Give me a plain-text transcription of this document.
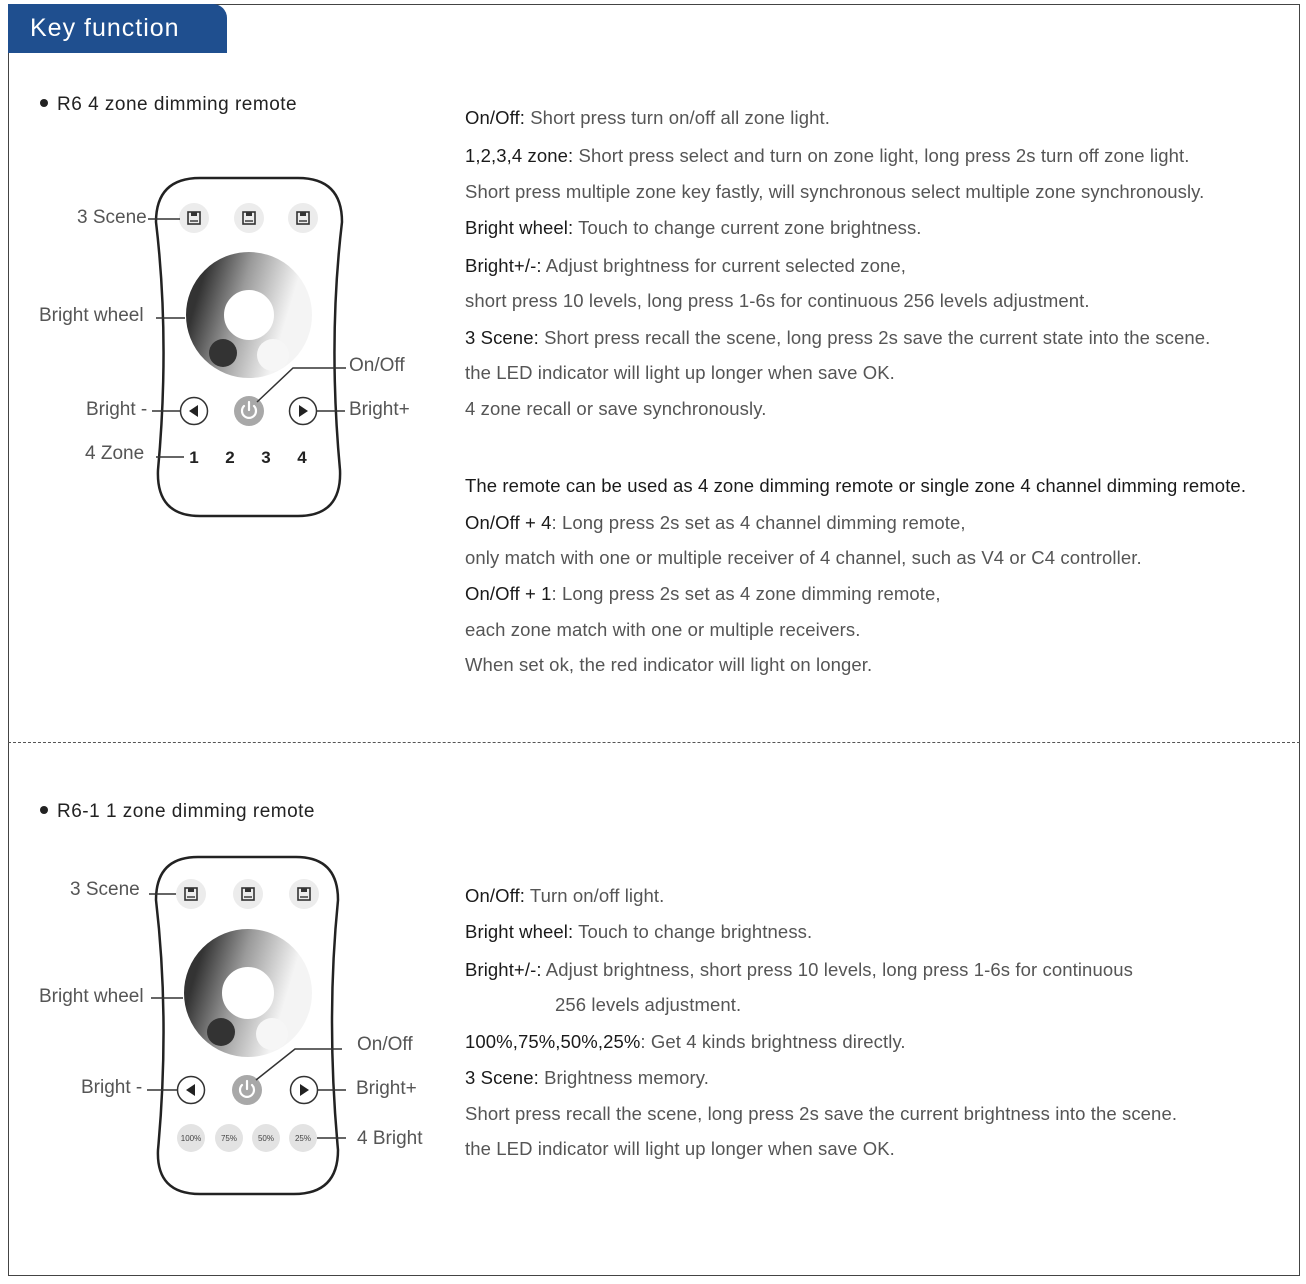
Key function
R6 4 zone dimming remote
1 2 3 4
100% 75%	50%	25%
3 Scene
Bright wheel
On/Off
Bright -	Bright+
4 Zone
On/Off: Short press turn on/off all zone light.
1,2,3,4 zone: Short press select and turn on zone light, long press 2s turn off zone light.
Short press multiple zone key fastly, will synchronous select multiple zone synchronously.
Bright wheel: Touch to change current zone brightness.
Bright+/-: Adjust brightness for current selected zone,
short press 10 levels, long press 1-6s for continuous 256 levels adjustment.
3 Scene: Short press recall the scene, long press 2s save the current state into the scene.
the LED indicator will light up longer when save OK.
4 zone recall or save synchronously.
The remote can be used as 4 zone dimming remote or single zone 4 channel dimming remote.
On/Off + 4: Long press 2s set as 4 channel dimming remote,
only match with one or multiple receiver of 4 channel, such as V4 or C4 controller.
On/Off + 1: Long press 2s set as 4 zone dimming remote,
each zone match with one or multiple receivers.
When set ok, the red indicator will light on longer.
R6-1 1 zone dimming remote
3 Scene
Bright wheel
On/Off
Bright -	Bright+
4 Bright
On/Off: Turn on/off light.
Bright wheel: Touch to change brightness.
Bright+/-: Adjust brightness, short press 10 levels, long press 1-6s for continuous
256 levels adjustment.
100%,75%,50%,25%: Get 4 kinds brightness directly.
3 Scene: Brightness memory.
Short press recall the scene, long press 2s save the current brightness into the scene.
the LED indicator will light up longer when save OK.
